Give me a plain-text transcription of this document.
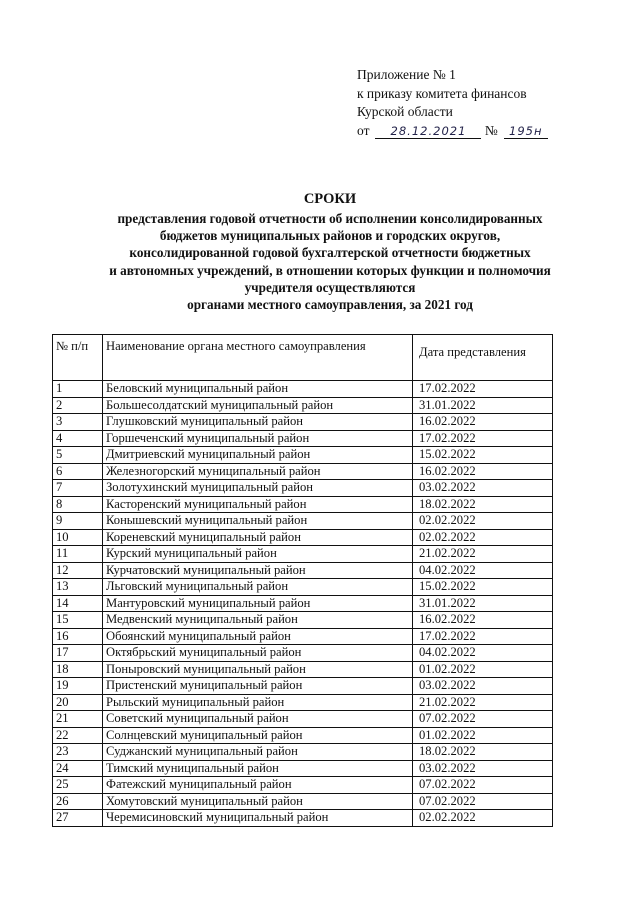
Приложение № 1
к приказу комитета финансов
Курской области
от 28.12.2021 № 195н
СРОКИ
представления годовой отчетности об исполнении консолидированных
бюджетов муниципальных районов и городских округов,
консолидированной годовой бухгалтерской отчетности бюджетных
и автономных учреждений, в отношении которых функции и полномочия
учредителя осуществляются
органами местного самоуправления, за 2021 год
№ п/п	Наименование органа местного самоуправления	Дата представления
1	Беловский муниципальный район	17.02.2022
2	Большесолдатский муниципальный район	31.01.2022
3	Глушковский муниципальный район	16.02.2022
4	Горшеченский муниципальный район	17.02.2022
5	Дмитриевский муниципальный район	15.02.2022
6	Железногорский муниципальный район	16.02.2022
7	Золотухинский муниципальный район	03.02.2022
8	Касторенский муниципальный район	18.02.2022
9	Конышевский муниципальный район	02.02.2022
10	Кореневский муниципальный район	02.02.2022
11	Курский муниципальный район	21.02.2022
12	Курчатовский муниципальный район	04.02.2022
13	Льговский муниципальный район	15.02.2022
14	Мантуровский муниципальный район	31.01.2022
15	Медвенский муниципальный район	16.02.2022
16	Обоянский муниципальный район	17.02.2022
17	Октябрьский муниципальный район	04.02.2022
18	Поныровский муниципальный район	01.02.2022
19	Пристенский муниципальный район	03.02.2022
20	Рыльский муниципальный район	21.02.2022
21	Советский муниципальный район	07.02.2022
22	Солнцевский муниципальный район	01.02.2022
23	Суджанский муниципальный район	18.02.2022
24	Тимский муниципальный район	03.02.2022
25	Фатежский муниципальный район	07.02.2022
26	Хомутовский муниципальный район	07.02.2022
27	Черемисиновский муниципальный район	02.02.2022
